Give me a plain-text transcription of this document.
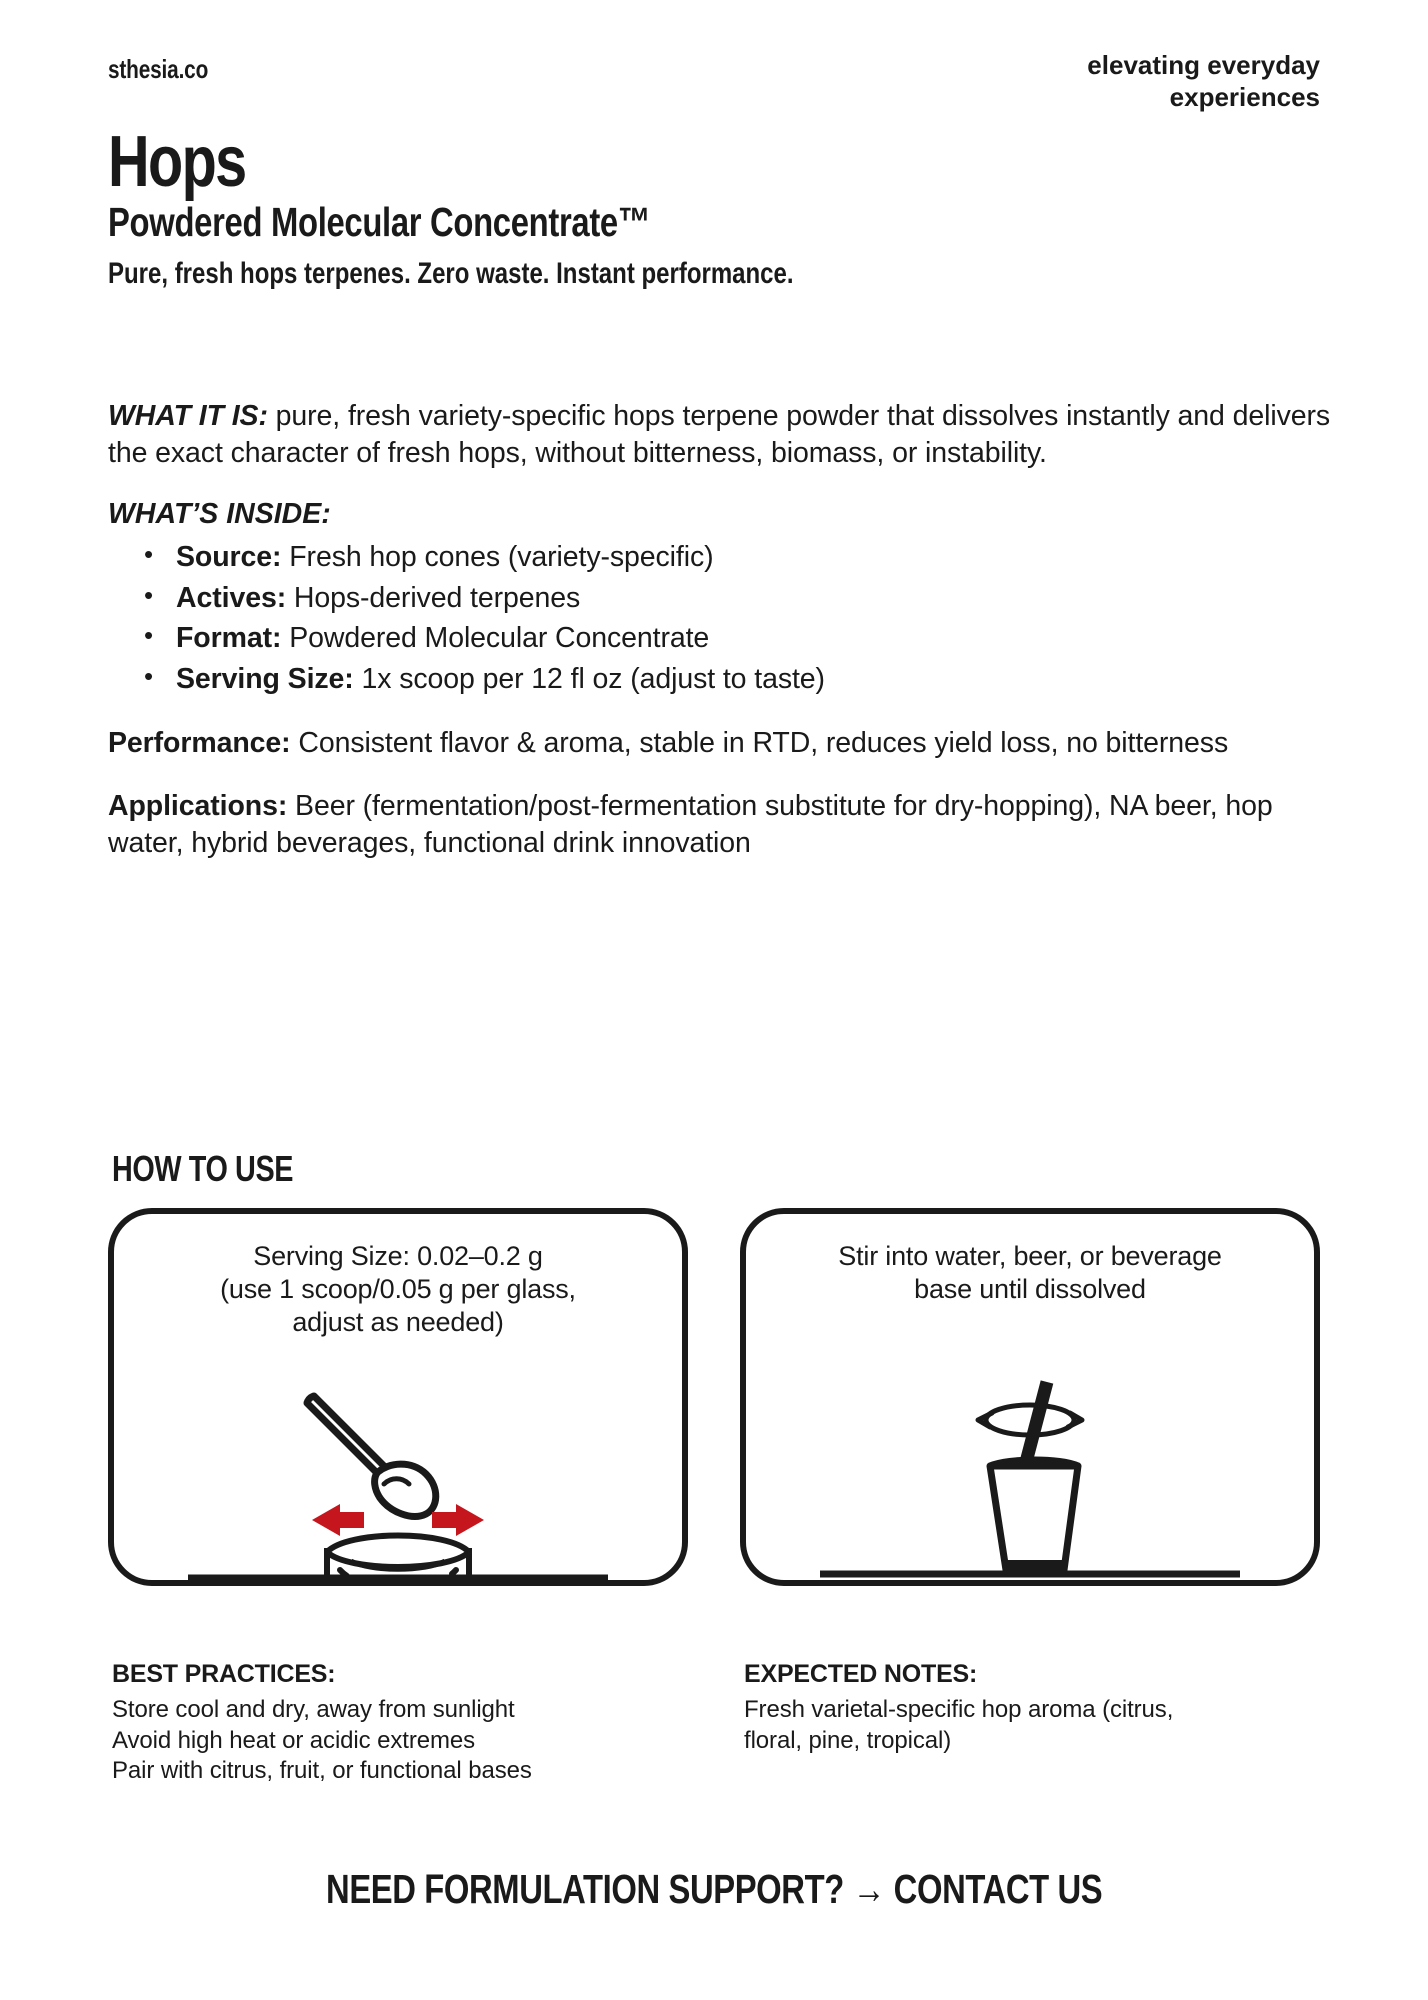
sthesia.co	elevating everyday
experiences
Hops
Powdered Molecular Concentrate™
Pure, fresh hops terpenes. Zero waste. Instant performance.

WHAT IT IS: pure, fresh variety-specific hops terpene powder that dissolves instantly and delivers the exact character of fresh hops, without bitterness, biomass, or instability.

WHAT’S INSIDE:
• Source: Fresh hop cones (variety-specific)
• Actives: Hops-derived terpenes
• Format: Powdered Molecular Concentrate
• Serving Size: 1x scoop per 12 fl oz (adjust to taste)

Performance: Consistent flavor & aroma, stable in RTD, reduces yield loss, no bitterness

Applications: Beer (fermentation/post-fermentation substitute for dry-hopping), NA beer, hop water, hybrid beverages, functional drink innovation

HOW TO USE
Serving Size: 0.02–0.2 g
(use 1 scoop/0.05 g per glass,
adjust as needed)
Stir into water, beer, or beverage
base until dissolved
BEST PRACTICES:
Store cool and dry, away from sunlight
Avoid high heat or acidic extremes
Pair with citrus, fruit, or functional bases
EXPECTED NOTES:
Fresh varietal-specific hop aroma (citrus,
floral, pine, tropical)
NEED FORMULATION SUPPORT? → CONTACT US
